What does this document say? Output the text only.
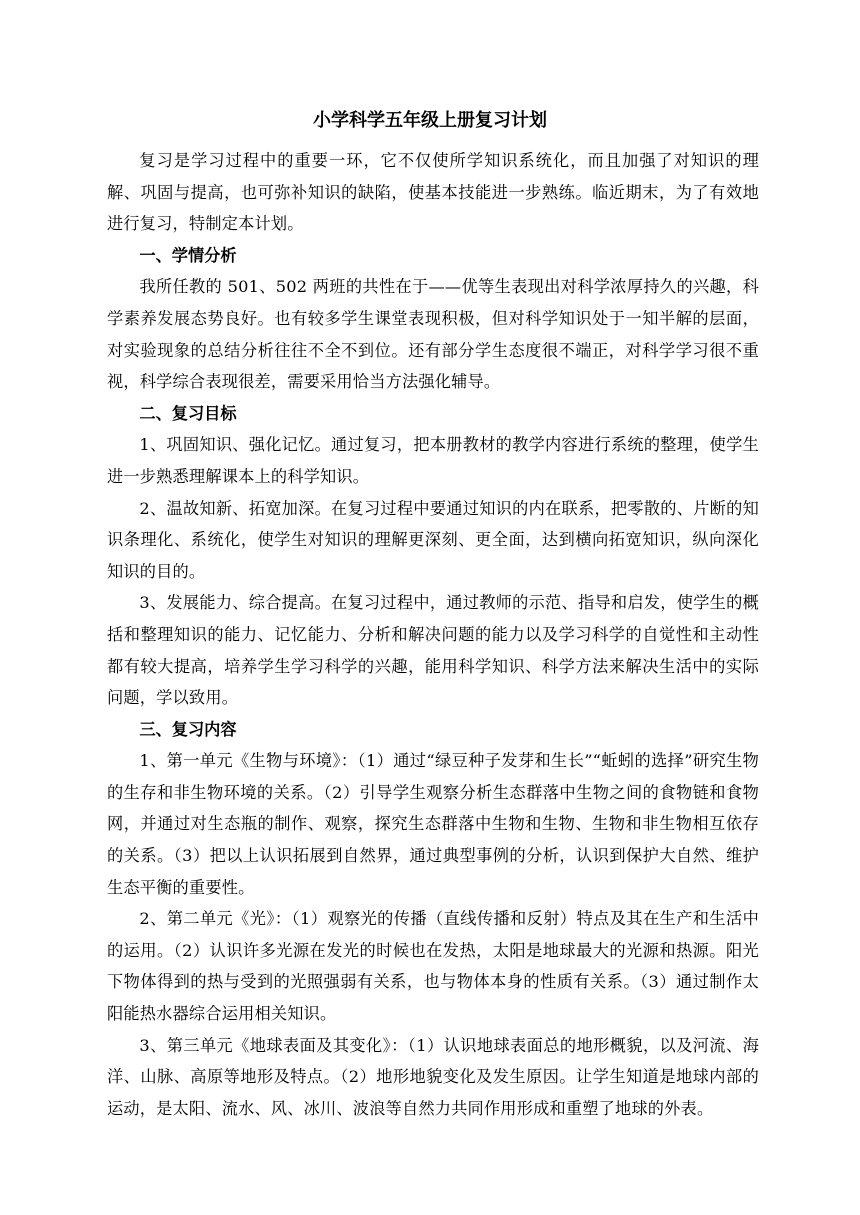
小学科学五年级上册复习计划

复习是学习过程中的重要一环，它不仅使所学知识系统化，而且加强了对知识的理解、巩固与提高，也可弥补知识的缺陷，使基本技能进一步熟练。临近期末，为了有效地进行复习，特制定本计划。

一、学情分析

我所任教的 501、502 两班的共性在于——优等生表现出对科学浓厚持久的兴趣，科学素养发展态势良好。也有较多学生课堂表现积极，但对科学知识处于一知半解的层面，对实验现象的总结分析往往不全不到位。还有部分学生态度很不端正，对科学学习很不重视，科学综合表现很差，需要采用恰当方法强化辅导。

二、复习目标

1、巩固知识、强化记忆。通过复习，把本册教材的教学内容进行系统的整理，使学生进一步熟悉理解课本上的科学知识。

2、温故知新、拓宽加深。在复习过程中要通过知识的内在联系，把零散的、片断的知识条理化、系统化，使学生对知识的理解更深刻、更全面，达到横向拓宽知识，纵向深化知识的目的。

3、发展能力、综合提高。在复习过程中，通过教师的示范、指导和启发，使学生的概括和整理知识的能力、记忆能力、分析和解决问题的能力以及学习科学的自觉性和主动性都有较大提高，培养学生学习科学的兴趣，能用科学知识、科学方法来解决生活中的实际问题，学以致用。

三、复习内容

1、第一单元《生物与环境》：（1）通过“绿豆种子发芽和生长”“蚯蚓的选择”研究生物的生存和非生物环境的关系。（2）引导学生观察分析生态群落中生物之间的食物链和食物网，并通过对生态瓶的制作、观察，探究生态群落中生物和生物、生物和非生物相互依存的关系。（3）把以上认识拓展到自然界，通过典型事例的分析，认识到保护大自然、维护生态平衡的重要性。

2、第二单元《光》：（1）观察光的传播（直线传播和反射）特点及其在生产和生活中的运用。（2）认识许多光源在发光的时候也在发热，太阳是地球最大的光源和热源。阳光下物体得到的热与受到的光照强弱有关系，也与物体本身的性质有关系。（3）通过制作太阳能热水器综合运用相关知识。

3、第三单元《地球表面及其变化》：（1）认识地球表面总的地形概貌，以及河流、海洋、山脉、高原等地形及特点。（2）地形地貌变化及发生原因。让学生知道是地球内部的运动，是太阳、流水、风、冰川、波浪等自然力共同作用形成和重塑了地球的外表。
